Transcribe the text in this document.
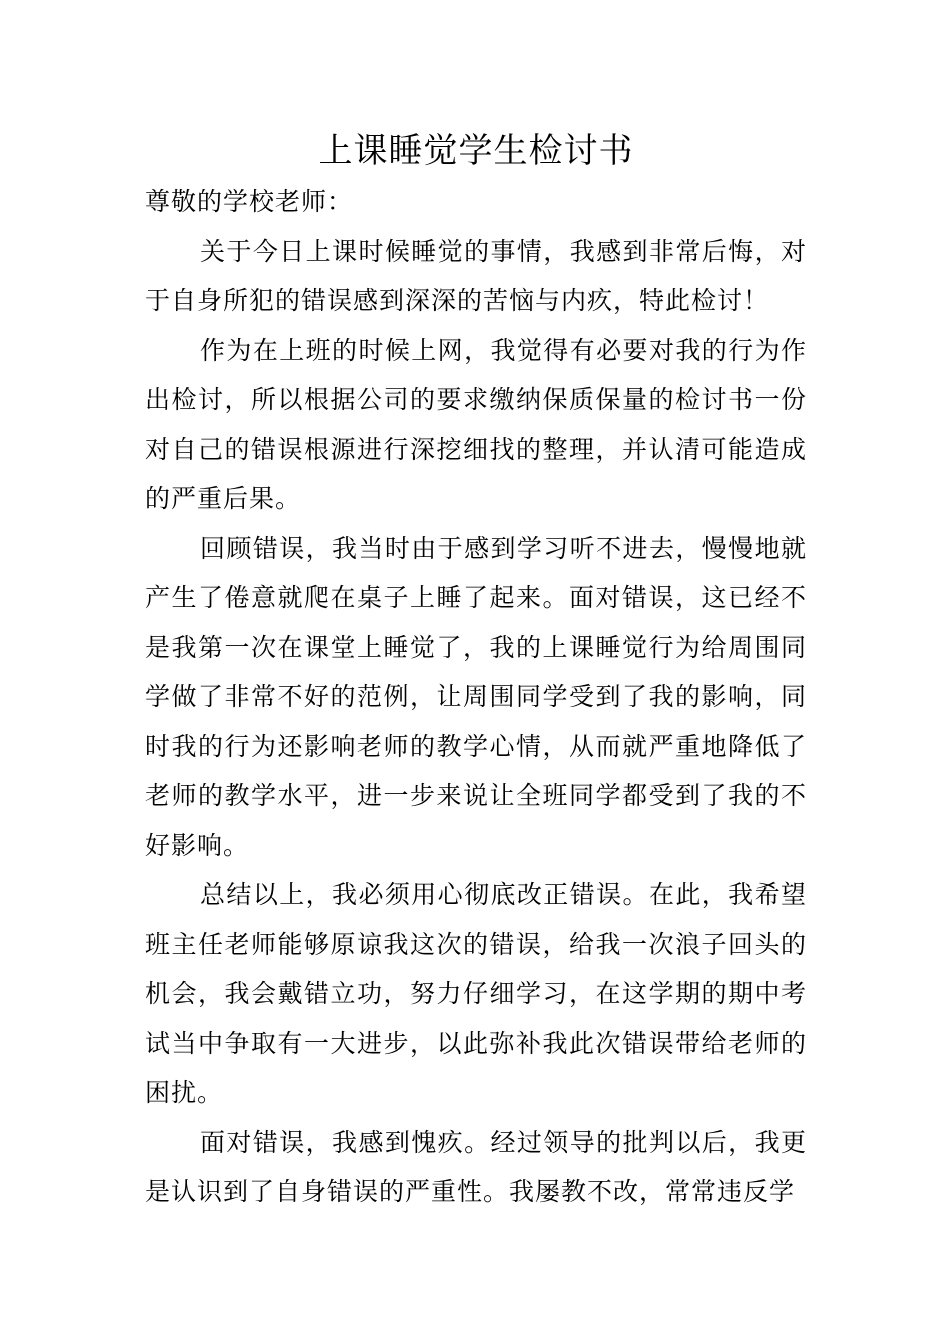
上课睡觉学生检讨书

尊敬的学校老师：

关于今日上课时候睡觉的事情，我感到非常后悔，对于自身所犯的错误感到深深的苦恼与内疚，特此检讨！

作为在上班的时候上网，我觉得有必要对我的行为作出检讨，所以根据公司的要求缴纳保质保量的检讨书一份对自己的错误根源进行深挖细找的整理，并认清可能造成的严重后果。

回顾错误，我当时由于感到学习听不进去，慢慢地就产生了倦意就爬在桌子上睡了起来。面对错误，这已经不是我第一次在课堂上睡觉了，我的上课睡觉行为给周围同学做了非常不好的范例，让周围同学受到了我的影响，同时我的行为还影响老师的教学心情，从而就严重地降低了老师的教学水平，进一步来说让全班同学都受到了我的不好影响。

总结以上，我必须用心彻底改正错误。在此，我希望班主任老师能够原谅我这次的错误，给我一次浪子回头的机会，我会戴错立功，努力仔细学习，在这学期的期中考试当中争取有一大进步，以此弥补我此次错误带给老师的困扰。

面对错误，我感到愧疚。经过领导的批判以后，我更是认识到了自身错误的严重性。我屡教不改，常常违反学
